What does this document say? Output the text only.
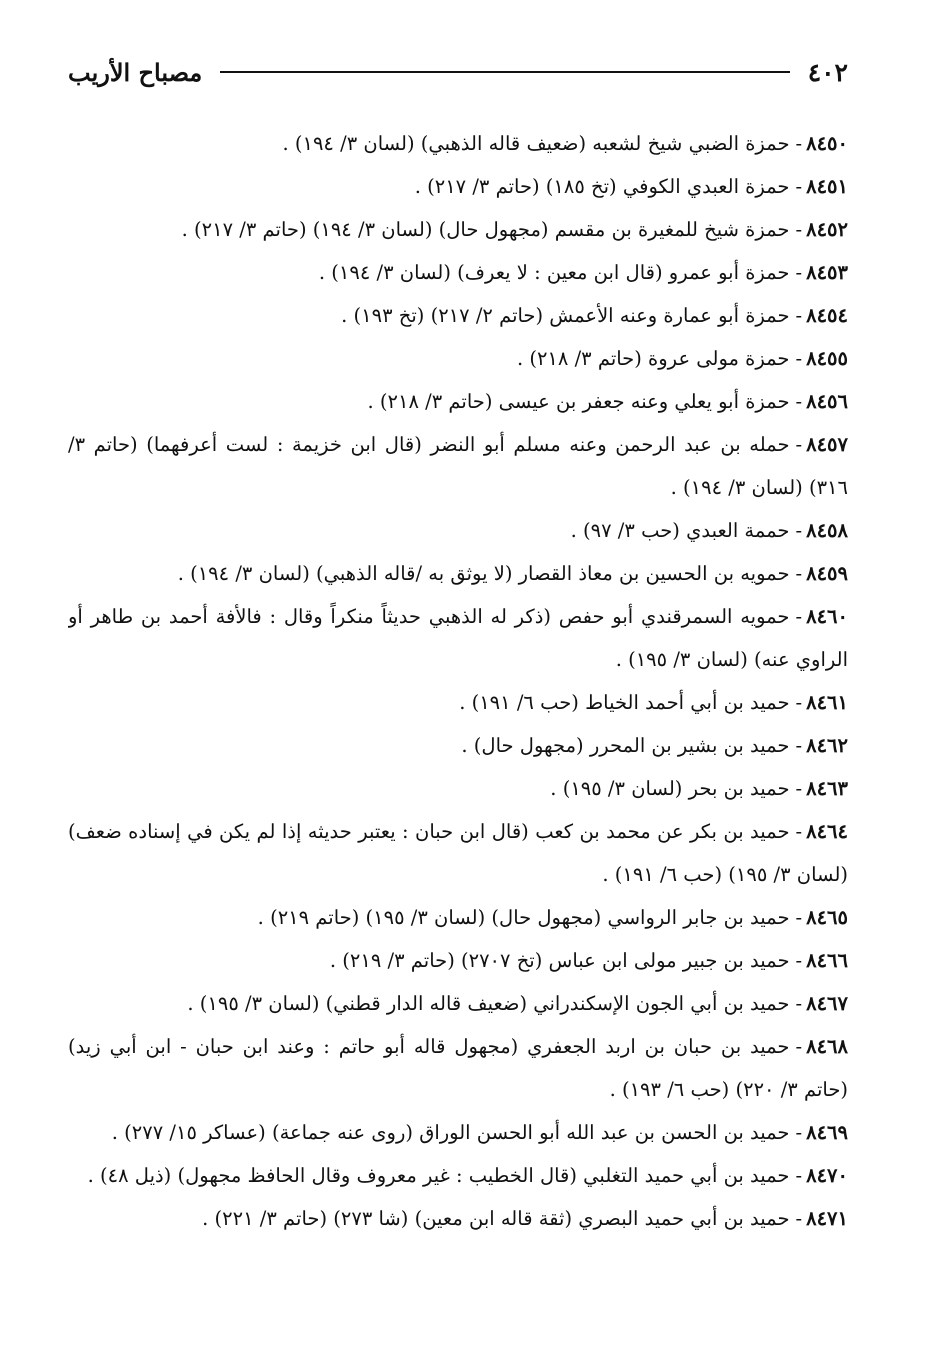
٤٠٢
مصباح الأريب
٨٤٥٠-حمزة الضبي شيخ لشعبه (ضعيف قاله الذهبي) (لسان ٣/ ١٩٤) .
٨٤٥١-حمزة العبدي الكوفي (تخ ١٨٥) (حاتم ٣/ ٢١٧) .
٨٤٥٢-حمزة شيخ للمغيرة بن مقسم (مجهول حال) (لسان ٣/ ١٩٤) (حاتم ٣/ ٢١٧) .
٨٤٥٣-حمزة أبو عمرو (قال ابن معين : لا يعرف) (لسان ٣/ ١٩٤) .
٨٤٥٤-حمزة أبو عمارة وعنه الأعمش (حاتم ٢/ ٢١٧) (تخ ١٩٣) .
٨٤٥٥-حمزة مولى عروة (حاتم ٣/ ٢١٨) .
٨٤٥٦-حمزة أبو يعلي وعنه جعفر بن عيسى (حاتم ٣/ ٢١٨) .
٨٤٥٧-حمله بن عبد الرحمن وعنه مسلم أبو النضر (قال ابن خزيمة : لست أعرفهما) (حاتم ٣/ ٣١٦) (لسان ٣/ ١٩٤) .
٨٤٥٨-حممة العبدي (حب ٣/ ٩٧) .
٨٤٥٩-حمويه بن الحسين بن معاذ القصار (لا يوثق به /قاله الذهبي) (لسان ٣/ ١٩٤) .
٨٤٦٠-حمويه السمرقندي أبو حفص (ذكر له الذهبي حديثاً منكراً وقال : فالأفة أحمد بن طاهر أو الراوي عنه) (لسان ٣/ ١٩٥) .
٨٤٦١-حميد بن أبي أحمد الخياط (حب ٦/ ١٩١) .
٨٤٦٢-حميد بن بشير بن المحرر (مجهول حال) .
٨٤٦٣-حميد بن بحر (لسان ٣/ ١٩٥) .
٨٤٦٤-حميد بن بكر عن محمد بن كعب (قال ابن حبان : يعتبر حديثه إذا لم يكن في إسناده ضعف) (لسان ٣/ ١٩٥) (حب ٦/ ١٩١) .
٨٤٦٥-حميد بن جابر الرواسي (مجهول حال) (لسان ٣/ ١٩٥) (حاتم ٢١٩) .
٨٤٦٦-حميد بن جبير مولى ابن عباس (تخ ٢٧٠٧) (حاتم ٣/ ٢١٩) .
٨٤٦٧-حميد بن أبي الجون الإسكندراني (ضعيف قاله الدار قطني) (لسان ٣/ ١٩٥) .
٨٤٦٨-حميد بن حبان بن اربد الجعفري (مجهول قاله أبو حاتم : وعند ابن حبان - ابن أبي زيد) (حاتم ٣/ ٢٢٠) (حب ٦/ ١٩٣) .
٨٤٦٩-حميد بن الحسن بن عبد الله أبو الحسن الوراق (روى عنه جماعة) (عساكر ١٥/ ٢٧٧) .
٨٤٧٠-حميد بن أبي حميد التغلبي (قال الخطيب : غير معروف وقال الحافظ مجهول) (ذيل ٤٨) .
٨٤٧١-حميد بن أبي حميد البصري (ثقة قاله ابن معين) (شا ٢٧٣) (حاتم ٣/ ٢٢١) .
